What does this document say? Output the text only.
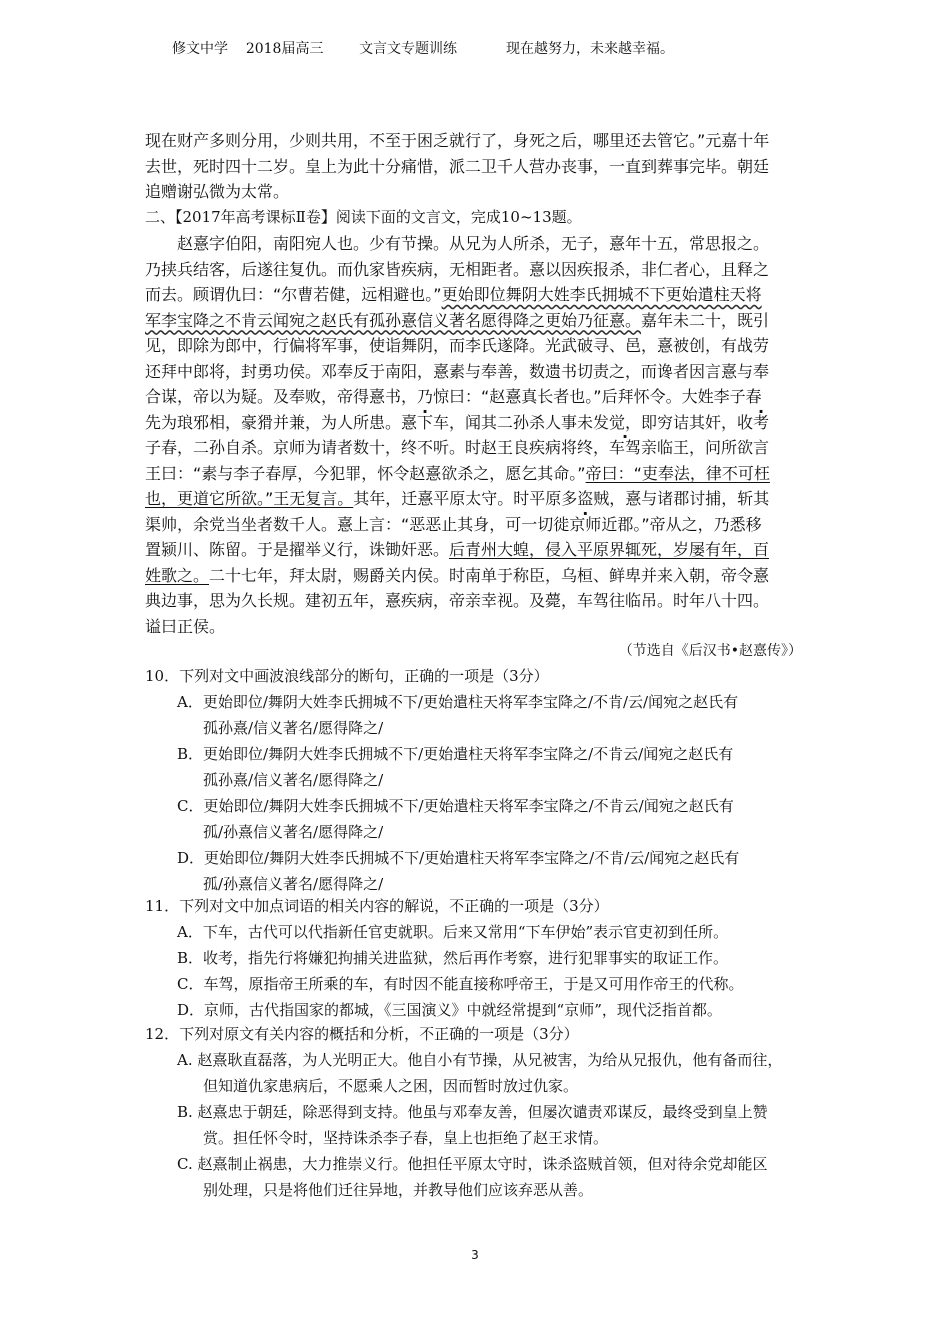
修文中学 2018届高三	文言文专题训练	现在越努力，未来越幸福。
现在财产多则分用，少则共用，不至于困乏就行了，身死之后，哪里还去管它。”元嘉十年
去世，死时四十二岁。皇上为此十分痛惜，派二卫千人营办丧事，一直到葬事完毕。朝廷
追赠谢弘微为太常。
二、【2017年高考课标Ⅱ卷】阅读下面的文言文，完成10~13题。
　　赵憙字伯阳，南阳宛人也。少有节操。从兄为人所杀，无子，憙年十五，常思报之。
乃挟兵结客，后遂往复仇。而仇家皆疾病，无相距者。憙以因疾报杀，非仁者心，且释之
而去。顾谓仇曰：“尔曹若健，远相避也。”更始即位舞阴大姓李氏拥城不下更始遣柱天将
军李宝降之不肯云闻宛之赵氏有孤孙憙信义著名愿得降之更始乃征憙。嘉年未二十，既引
见，即除为郎中，行偏将军事，使诣舞阴，而李氏遂降。光武破寻、邑，憙被创，有战劳
还拜中郎将，封勇功侯。邓奉反于南阳，憙素与奉善，数遗书切责之，而谗者因言憙与奉
合谋，帝以为疑。及奉败，帝得憙书，乃惊曰：“赵憙真长者也。”后拜怀令。大姓李子春
先为琅邪相，豪猾并兼，为人所患。憙下车，闻其二孙杀人事未发觉，即穷诘其奸，收考
子春，二孙自杀。京师为请者数十，终不听。时赵王良疾病将终，车驾亲临王，问所欲言
王曰：“素与李子春厚，今犯罪，怀令赵憙欲杀之，愿乞其命。”帝曰：“吏奉法，律不可枉
也，更道它所欲。”王无复言。其年，迁憙平原太守。时平原多盗贼，憙与诸郡讨捕，斩其
渠帅，余党当坐者数千人。憙上言：“恶恶止其身，可一切徙京师近郡。”帝从之，乃悉移
置颍川、陈留。于是擢举义行，诛锄奸恶。后青州大蝗，侵入平原界辄死，岁屡有年，百
姓歌之。二十七年，拜太尉，赐爵关内侯。时南单于称臣，乌桓、鲜卑并来入朝，帝令憙
典边事，思为久长规。建初五年，憙疾病，帝亲幸视。及薨，车驾往临吊。时年八十四。
谥曰正侯。
（节选自《后汉书•赵憙传》）
10．下列对文中画波浪线部分的断句，正确的一项是（3分）
A．更始即位/舞阴大姓李氏拥城不下/更始遣柱天将军李宝降之/不肯/云/闻宛之赵氏有
孤孙熹/信义著名/愿得降之/
B．更始即位/舞阴大姓李氏拥城不下/更始遣柱天将军李宝降之/不肯云/闻宛之赵氏有
孤孙熹/信义著名/愿得降之/
C．更始即位/舞阴大姓李氏拥城不下/更始遣柱天将军李宝降之/不肯云/闻宛之赵氏有
孤/孙熹信义著名/愿得降之/
D．更始即位/舞阴大姓李氏拥城不下/更始遣柱天将军李宝降之/不肯/云/闻宛之赵氏有
孤/孙熹信义著名/愿得降之/
11．下列对文中加点词语的相关内容的解说，不正确的一项是（3分）
A．下车，古代可以代指新任官吏就职。后来又常用“下车伊始”表示官吏初到任所。
B．收考，指先行将嫌犯拘捕关进监狱，然后再作考察，进行犯罪事实的取证工作。
C．车驾，原指帝王所乘的车，有时因不能直接称呼帝王，于是又可用作帝王的代称。
D．京师，古代指国家的都城，《三国演义》中就经常提到“京师”，现代泛指首都。
12．下列对原文有关内容的概括和分析，不正确的一项是（3分）
A. 赵熹耿直磊落，为人光明正大。他自小有节操，从兄被害，为给从兄报仇，他有备而往，
但知道仇家患病后，不愿乘人之困，因而暂时放过仇家。
B. 赵熹忠于朝廷，除恶得到支持。他虽与邓奉友善，但屡次谴责邓谋反，最终受到皇上赞
赏。担任怀令时，坚持诛杀李子春，皇上也拒绝了赵王求情。
C. 赵熹制止祸患，大力推崇义行。他担任平原太守时，诛杀盗贼首领，但对待余党却能区
别处理，只是将他们迁往异地，并教导他们应该弃恶从善。
3
